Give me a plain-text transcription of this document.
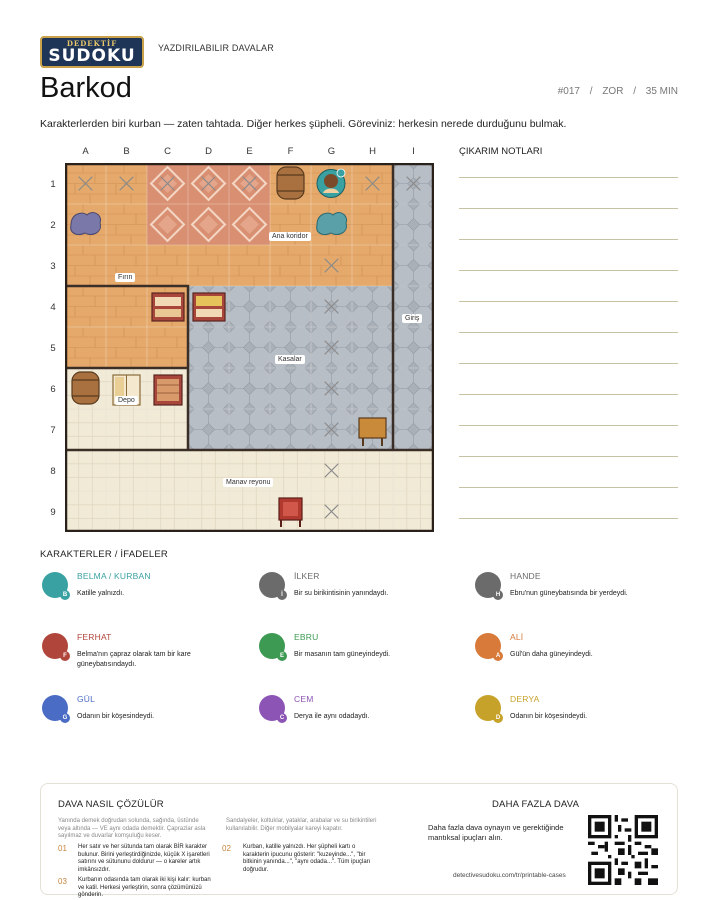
DEDEKTİF
SUDOKU	YAZDIRILABILIR DAVALAR
Barkod	#017 / ZOR / 35 MIN
Karakterlerden biri kurban — zaten tahtada. Diğer herkes şüpheli. Göreviniz: herkesin nerede durduğunu bulmak.
A	B	C	D	E	F	G	H	I
1
2
3
4
5
6
7
8
9
Ana koridor
Fırın
Giriş
Kasalar
Depo
Manav reyonu
ÇIKARIM NOTLARI
KARAKTERLER / İFADELER
B
BELMA / KURBAN
Katille yalnızdı.	İ
İLKER
Bir su birikintisinin yanındaydı.	H
HANDE
Ebru'nun güneybatısında bir yerdeydi.
F
FERHAT
Belma'nın çapraz olarak tam bir kare güneybatısındaydı.
E
EBRU
Bir masanın tam güneyindeydi.	A
ALİ
Gül'ün daha güneyindeydi.
G
GÜL
Odanın bir köşesindeydi.	C
CEM
Derya ile aynı odadaydı.	D
DERYA
Odanın bir köşesindeydi.
DAVA NASIL ÇÖZÜLÜR
Yanında demek doğrudan solunda, sağında, üstünde
veya altında — VE aynı odada demektir. Çaprazlar asla
sayılmaz ve duvarlar komşuluğu keser.
Sandalyeler, koltuklar, yataklar, arabalar ve su birikintileri
kullanılabilir. Diğer mobilyalar kareyi kapatır.
01 Her satır ve her sütunda tam olarak BİR karakter
bulunur. Birini yerleştirdiğinizde, küçük X işaretleri
satırını ve sütununu doldurur — o kareler artık
imkânsızdır.
02 Kurban, katille yalnızdı. Her şüpheli kartı o
karakterin ipucunu gösterir: "kuzeyinde...", "bir
bitkinin yanında...", "aynı odada...". Tüm ipuçları
doğrudur.
03 Kurbanın odasında tam olarak iki kişi kalır: kurban
ve katil. Herkesi yerleştirin, sonra çözümünüzü
gönderin.
DAHA FAZLA DAVA
Daha fazla dava oynayın ve gerektiğinde mantıksal ipuçları alın.
detectivesudoku.com/tr/printable-cases
